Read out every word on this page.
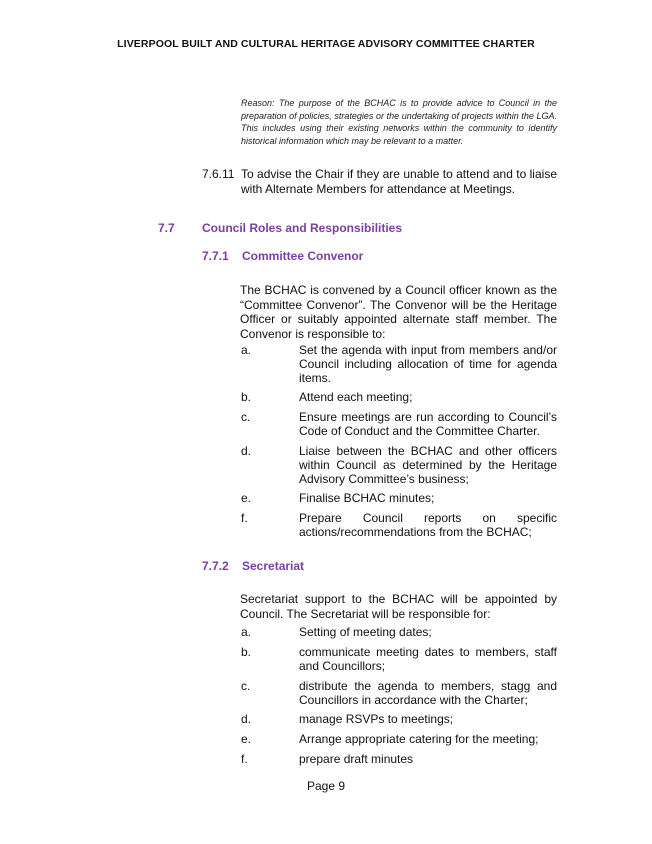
LIVERPOOL BUILT AND CULTURAL HERITAGE ADVISORY COMMITTEE CHARTER
Reason: The purpose of the BCHAC is to provide advice to Council in the preparation of policies, strategies or the undertaking of projects within the LGA. This includes using their existing networks within the community to identify historical information which may be relevant to a matter.
7.6.11 To advise the Chair if they are unable to attend and to liaise with Alternate Members for attendance at Meetings.
7.7 Council Roles and Responsibilities
7.7.1 Committee Convenor
The BCHAC is convened by a Council officer known as the “Committee Convenor”. The Convenor will be the Heritage Officer or suitably appointed alternate staff member. The Convenor is responsible to:
a.	Set the agenda with input from members and/or Council including allocation of time for agenda items.
b.	Attend each meeting;
c.	Ensure meetings are run according to Council’s Code of Conduct and the Committee Charter.
d.	Liaise between the BCHAC and other officers within Council as determined by the Heritage Advisory Committee’s business;
e.	Finalise BCHAC minutes;
f.	Prepare Council reports on specific actions/recommendations from the BCHAC;
7.7.2 Secretariat
Secretariat support to the BCHAC will be appointed by Council. The Secretariat will be responsible for:
a.	Setting of meeting dates;
b.	communicate meeting dates to members, staff and Councillors;
c.	distribute the agenda to members, stagg and Councillors in accordance with the Charter;
d.	manage RSVPs to meetings;
e.	Arrange appropriate catering for the meeting;
f.	prepare draft minutes
Page 9
